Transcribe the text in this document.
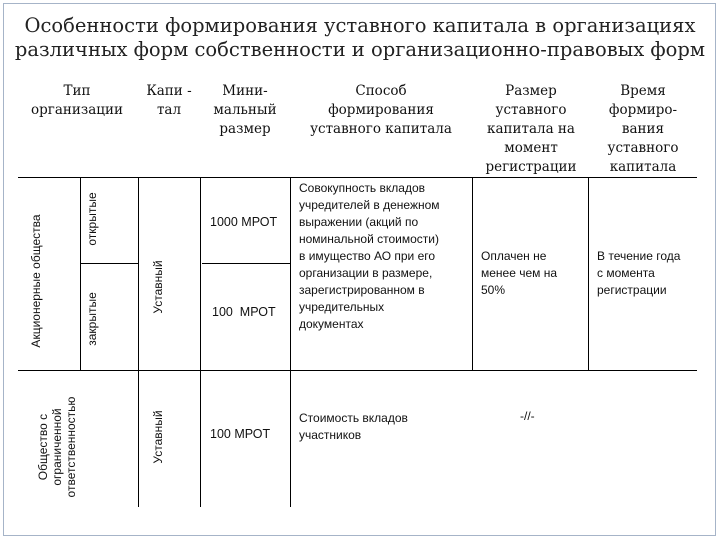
Особенности формирования уставного капитала в организациях
различных форм собственности и организационно-правовых форм
Тип
организации
Капи -
тал
Мини-
мальный
размер
Способ
формирования
уставного капитала
Размер
уставного
капитала на
момент
регистрации
Время
формиро-
вания
уставного
капитала
Акционерные общества	открытые
закрытые
Уставный
Общество с ограниченной ответственностью	Уставный
1000 МРОТ
100  МРОТ
100 МРОТ
Совокупность вкладов
учредителей в денежном
выражении (акций по
номинальной стоимости)
в имущество АО при его
организации в размере,
зарегистрированном в
учредительных
документах
Стоимость вкладов
участников
Оплачен не
менее чем на
50%
-//-
В течение года
с момента
регистрации
